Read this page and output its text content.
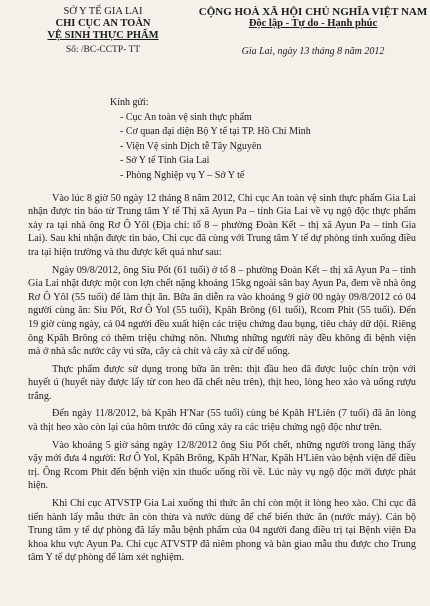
SỞ Y TẾ GIA LAI
CHI CỤC AN TOÀN
VỆ SINH THỰC PHẨM
Số: /BC-CCTP- TT
CỘNG HOÀ XÃ HỘI CHỦ NGHĨA VIỆT NAM
Độc lập - Tự do - Hạnh phúc
Gia Lai, ngày 13 tháng 8 năm 2012
Kính gửi:
- Cục An toàn vệ sinh thực phẩm
- Cơ quan đại diện Bộ Y tế tại TP. Hồ Chí Minh
- Viện Vệ sinh Dịch tễ Tây Nguyên
- Sở Y tế Tỉnh Gia Lai
- Phòng Nghiệp vụ Y – Sở Y tế

Vào lúc 8 giờ 50 ngày 12 tháng 8 năm 2012, Chi cục An toàn vệ sinh thực phẩm Gia Lai nhận được tin báo từ Trung tâm Y tế Thị xã Ayun Pa – tỉnh Gia Lai về vụ ngộ độc thực phẩm xảy ra tại nhà ông Rơ Ô Yôl (Địa chỉ: tổ 8 – phường Đoàn Kết – thị xã Ayun Pa – tỉnh Gia Lai). Sau khi nhận được tin báo, Chi cục đã cùng với Trung tâm Y tế dự phòng tỉnh xuống điều tra tại hiện trường và thu được kết quả như sau:

Ngày 09/8/2012, ông Siu Pốt (61 tuổi) ở tổ 8 – phường Đoàn Kết – thị xã Ayun Pa – tỉnh Gia Lai nhặt được một con lợn chết nặng khoảng 15kg ngoài sân bay Ayun Pa, đem về nhà ông Rơ Ô Yôl (55 tuổi) để làm thịt ăn. Bữa ăn diễn ra vào khoảng 9 giờ 00 ngày 09/8/2012 có 04 người cùng ăn: Siu Pốt, Rơ Ô Yol (55 tuổi), Kpăh Brông (61 tuổi), Rcom Phit (55 tuổi). Đến 19 giờ cùng ngày, cả 04 người đều xuất hiện các triệu chứng đau bụng, tiêu chảy dữ dội. Riêng ông Kpăh Brông có thêm triệu chứng nôn. Nhưng những người này đều không đi bệnh viện mà ở nhà sắc nước cây vú sữa, cây cà chít và cây xà cừ để uống.

Thực phẩm được sử dụng trong bữa ăn trên: thịt đầu heo đã được luộc chín trộn với huyết ú (huyết này được lấy từ con heo đã chết nêu trên), thịt heo, lòng heo xào và uống rượu trắng.

Đến ngày 11/8/2012, bà Kpăh H'Nar (55 tuổi) cùng bé Kpăh H'Liên (7 tuổi) đã ăn lòng và thịt heo xào còn lại của hôm trước đó cũng xảy ra các triệu chứng ngộ độc như trên.

Vào khoảng 5 giờ sáng ngày 12/8/2012 ông Siu Pốt chết, những người trong làng thấy vậy mới đưa 4 người: Rơ Ô Yol, Kpăh Brông, Kpăh H'Nar, Kpăh H'Liên vào bệnh viện để điều trị. Ông Rcom Phit đến bệnh viện xin thuốc uống rồi về. Lúc này vụ ngộ độc mới được phát hiện.

Khi Chi cục ATVSTP Gia Lai xuống thì thức ăn chỉ còn một ít lòng heo xào. Chi cục đã tiến hành lấy mẫu thức ăn còn thừa và nước dùng để chế biến thức ăn (nước máy). Cán bộ Trung tâm y tế dự phòng đã lấy mẫu bệnh phẩm của 04 người đang điều trị tại Bệnh viện Đa khoa khu vực Ayun Pa. Chi cục ATVSTP đã niêm phong và bàn giao mẫu thu được cho Trung tâm Y tế dự phòng để làm xét nghiệm.
